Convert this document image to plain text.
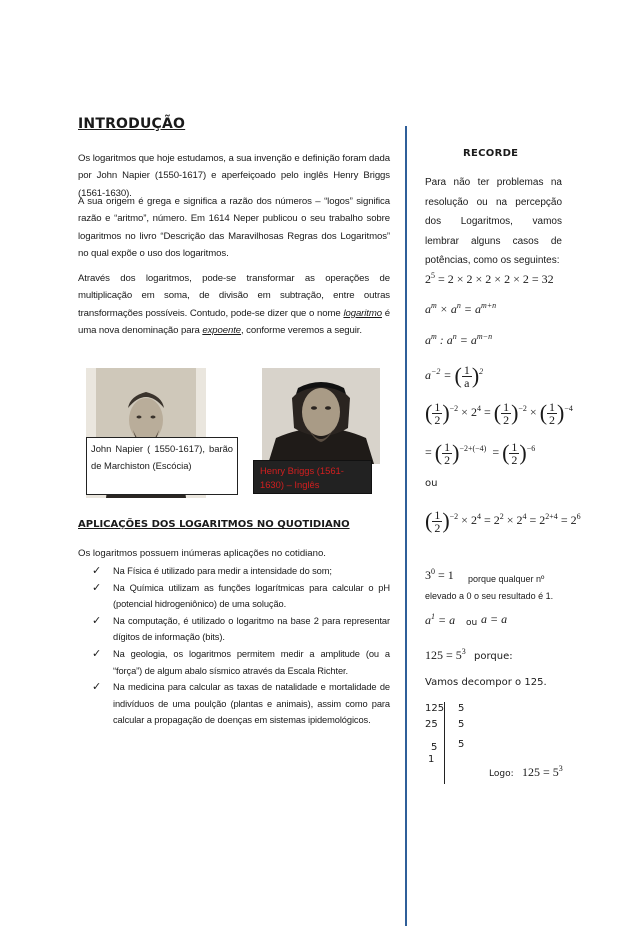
INTRODUÇÃO
Os logaritmos que hoje estudamos, a sua invenção e definição foram dada por John Napier (1550-1617) e aperfeiçoado pelo inglês Henry Briggs (1561-1630).
A sua origem é grega e significa a razão dos números – “logos” significa razão e “aritmo”, número. Em 1614 Neper publicou o seu trabalho sobre logaritmos no livro “Descrição das Maravilhosas Regras dos Logaritmos” no qual expõe o uso dos logaritmos.
Através dos logaritmos, pode-se transformar as operações de multiplicação em soma, de divisão em subtração, entre outras transformações possíveis. Contudo, pode-se dizer que o nome logaritmo é uma nova denominação para expoente, conforme veremos a seguir.
John Napier ( 1550-1617), barão de Marchiston (Escócia)	Henry Briggs (1561-1630) – Inglês
APLICAÇÕES DOS LOGARITMOS NO QUOTIDIANO
Os logaritmos possuem inúmeras aplicações no cotidiano.
✓ Na Física é utilizado para medir a intensidade do som;
✓ Na Química utilizam as funções logarítmicas para calcular o pH (potencial hidrogeniônico) de uma solução.
✓ Na computação, é utilizado o logaritmo na base 2 para representar dígitos de informação (bits).
✓ Na geologia, os logaritmos permitem medir a amplitude (ou a “força”) de algum abalo sísmico através da Escala Richter.
✓ Na medicina para calcular as taxas de natalidade e mortalidade de indivíduos de uma poulção (plantas e animais), assim como para calcular a propagação de doenças em sistemas ipidemológicos.
RECORDE
Para não ter problemas na resolução ou na percepção dos Logaritmos, vamos lembrar alguns casos de potências, como os seguintes:
$2^5 = 2 \times 2 \times 2 \times 2 \times 2 = 32$
$a^m \times a^n = a^{m+n}$
$a^m$ : $a^n = a^{m-n}$
$a^{-2}$ = ( $\frac{1}{a} )^2$
( $\frac{1}{2} )^{-2} \times 2^4$ = ( $\frac{1}{2} )^{-2}$ × ( $\frac{1}{2} )^{-4}$
= ( $\frac{1}{2} )^{-2+(-4)}$  = ( $\frac{1}{2} )^{-6}$
ou
( $\frac{1}{2} )^{-2} \times 2^4 = 2^2 \times 2^4 = 2^{2+4} = 2^6$
$3^0 = 1$	porque qualquer nº elevado a 0 o seu resultado é 1.
$a^1 = a$ ou a = a
$125 = 5^3$ porque:
Vamos decompor o 125.
125
25
5
1
5
5
5
Logo: $125 = 5^3$
